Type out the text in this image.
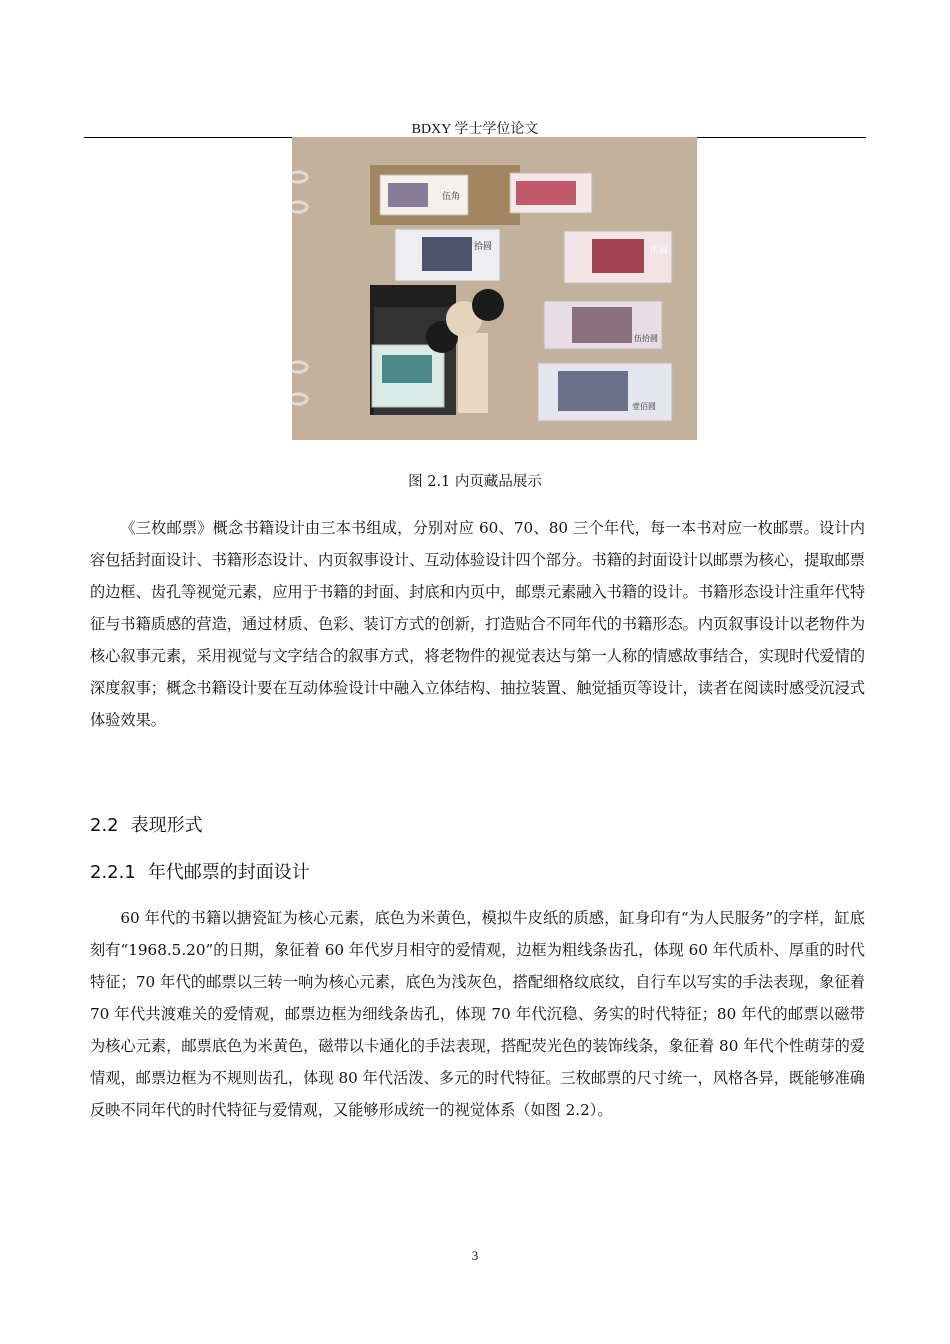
BDXY 学士学位论文
伍角
拾圆	伍圆
伍拾圆
壹佰圆
图 2.1 内页藏品展示

《三枚邮票》概念书籍设计由三本书组成，分别对应 60、70、80 三个年代，每一本书对应一枚邮票。设计内容包括封面设计、书籍形态设计、内页叙事设计、互动体验设计四个部分。书籍的封面设计以邮票为核心，提取邮票的边框、齿孔等视觉元素，应用于书籍的封面、封底和内页中，邮票元素融入书籍的设计。书籍形态设计注重年代特征与书籍质感的营造，通过材质、色彩、装订方式的创新，打造贴合不同年代的书籍形态。内页叙事设计以老物件为核心叙事元素，采用视觉与文字结合的叙事方式，将老物件的视觉表达与第一人称的情感故事结合，实现时代爱情的深度叙事；概念书籍设计要在互动体验设计中融入立体结构、抽拉装置、触觉插页等设计，读者在阅读时感受沉浸式体验效果。

2.2 表现形式
2.2.1 年代邮票的封面设计

60 年代的书籍以搪瓷缸为核心元素，底色为米黄色，模拟牛皮纸的质感，缸身印有“为人民服务”的字样，缸底刻有“1968.5.20”的日期，象征着 60 年代岁月相守的爱情观，边框为粗线条齿孔，体现 60 年代质朴、厚重的时代特征；70 年代的邮票以三转一响为核心元素，底色为浅灰色，搭配细格纹底纹，自行车以写实的手法表现，象征着 70 年代共渡难关的爱情观，邮票边框为细线条齿孔，体现 70 年代沉稳、务实的时代特征；80 年代的邮票以磁带为核心元素，邮票底色为米黄色，磁带以卡通化的手法表现，搭配荧光色的装饰线条，象征着 80 年代个性萌芽的爱情观，邮票边框为不规则齿孔，体现 80 年代活泼、多元的时代特征。三枚邮票的尺寸统一，风格各异，既能够准确反映不同年代的时代特征与爱情观，又能够形成统一的视觉体系（如图 2.2）。

3
